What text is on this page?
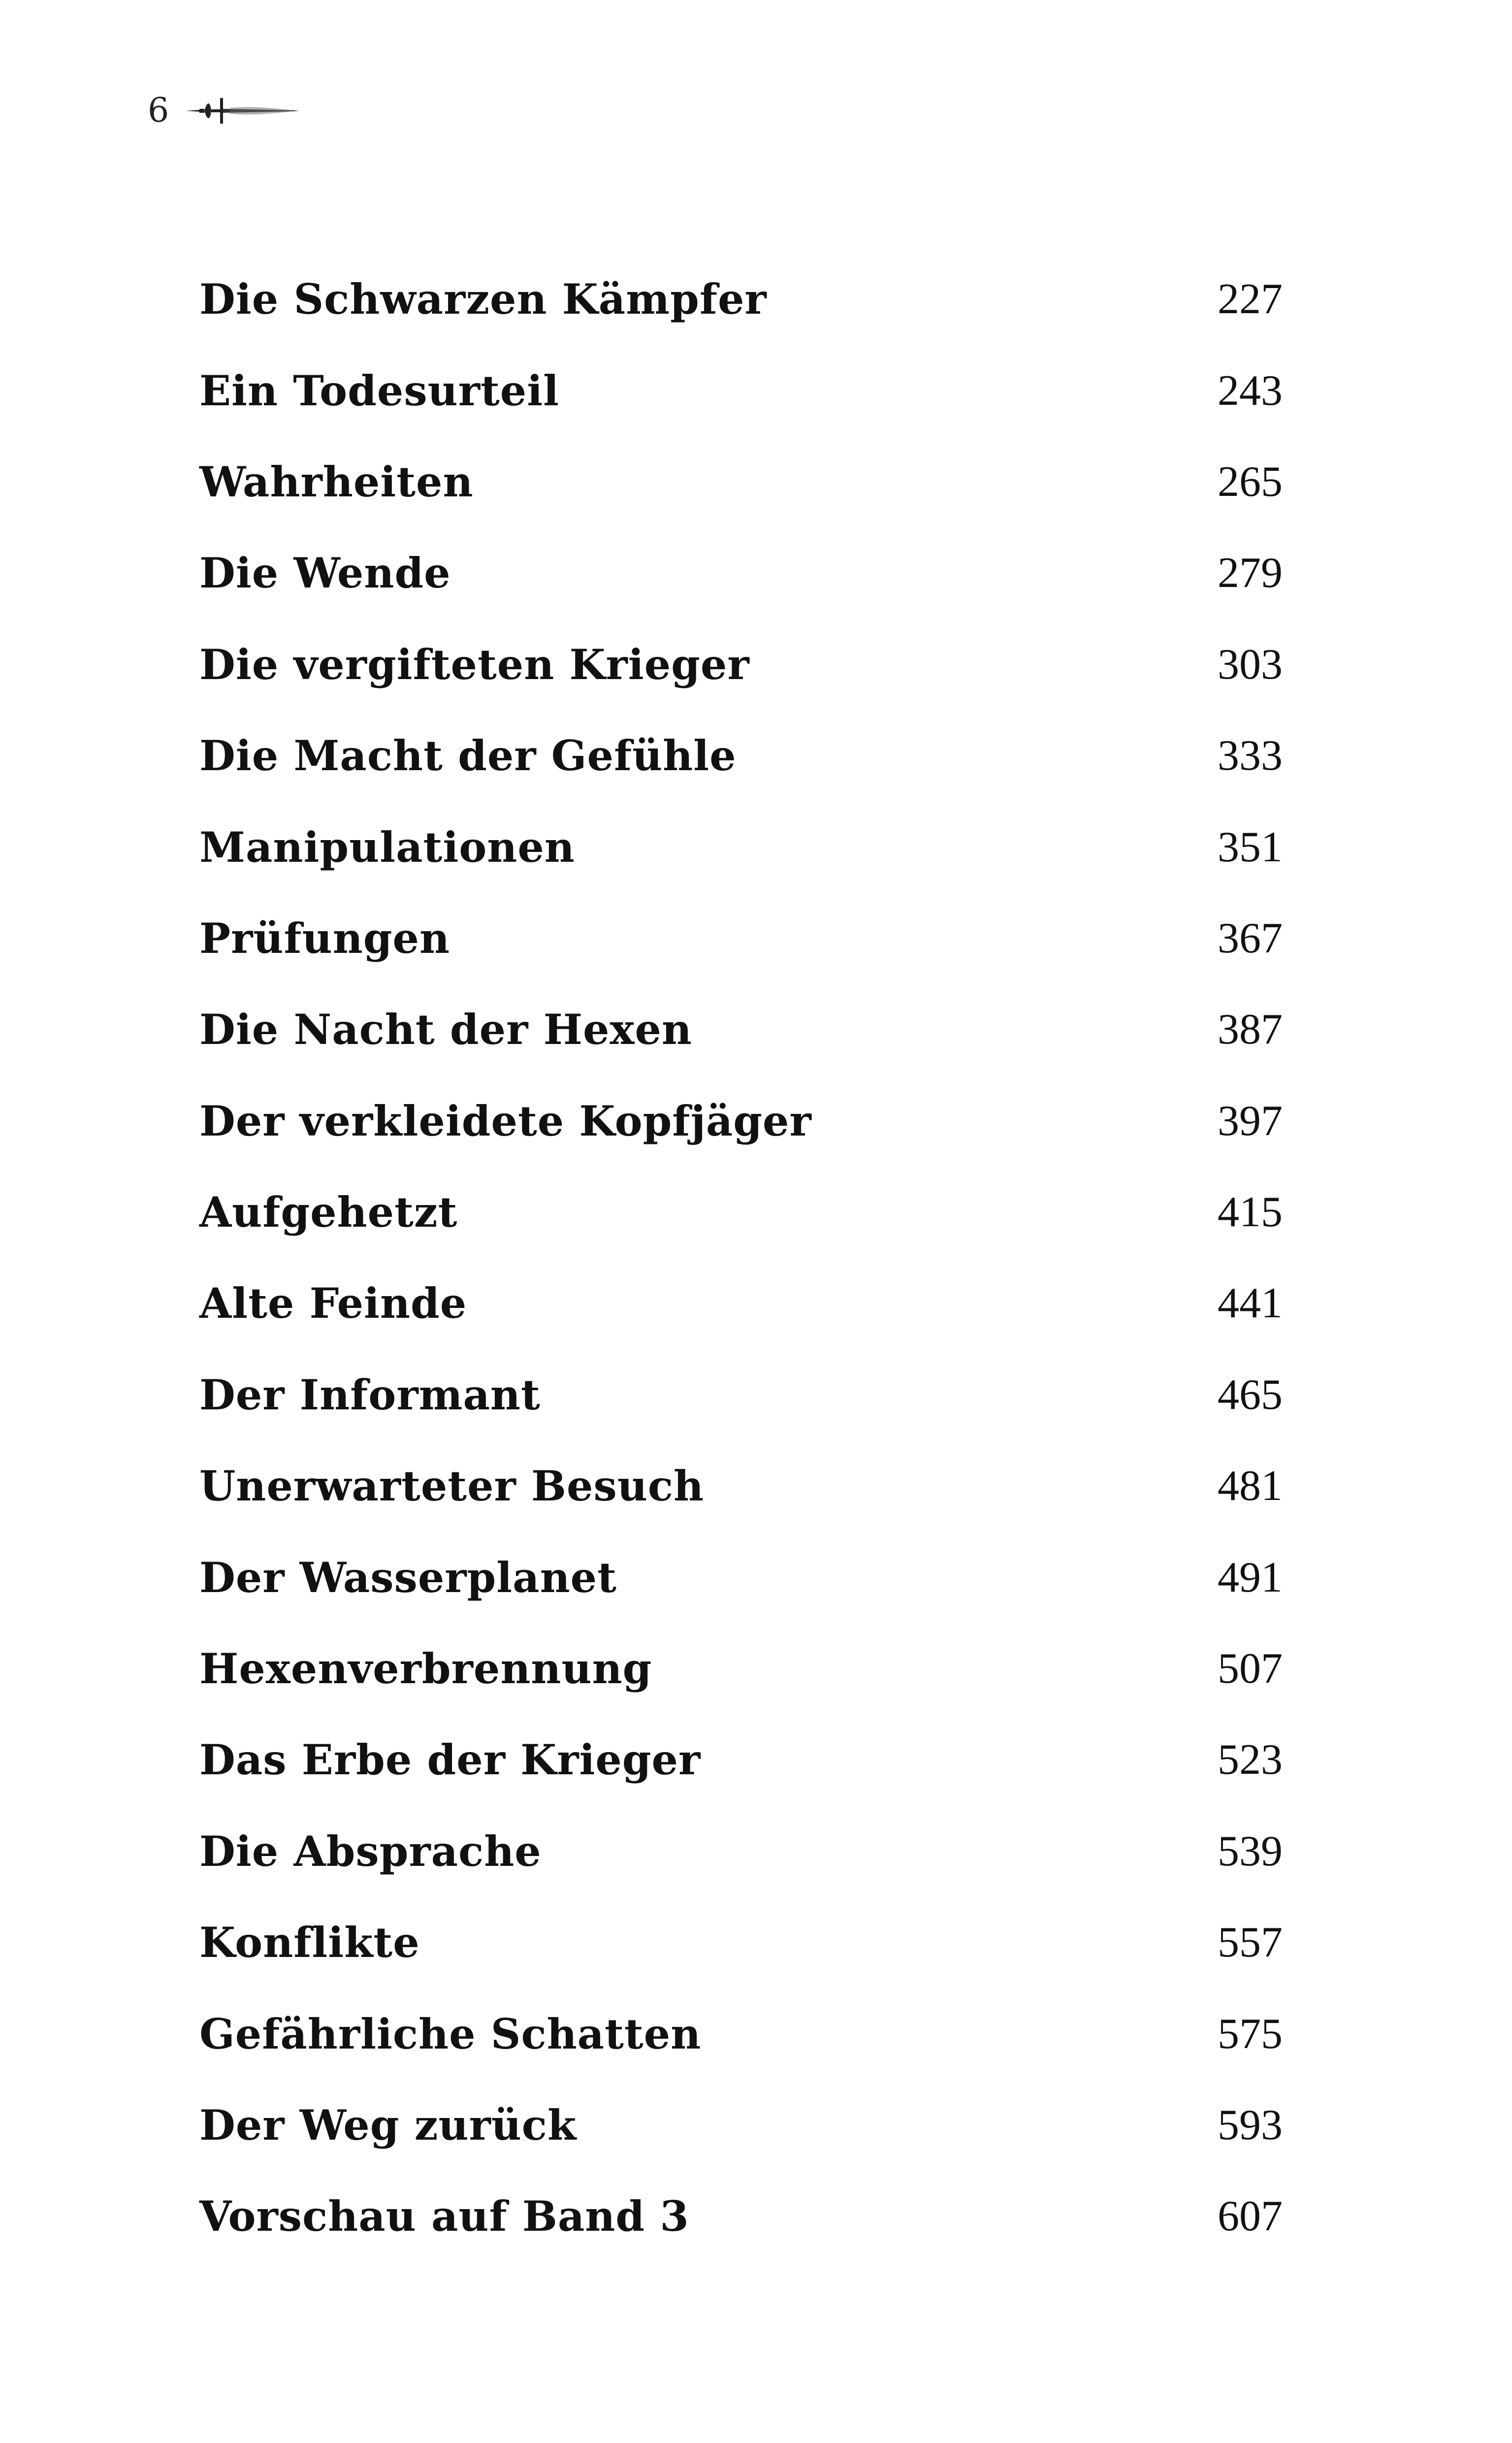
6
Die Schwarzen Kämpfer	227
Ein Todesurteil	243
Wahrheiten	265
Die Wende	279
Die vergifteten Krieger	303
Die Macht der Gefühle	333
Manipulationen	351
Prüfungen	367
Die Nacht der Hexen	387
Der verkleidete Kopfjäger	397
Aufgehetzt	415
Alte Feinde	441
Der Informant	465
Unerwarteter Besuch	481
Der Wasserplanet	491
Hexenverbrennung	507
Das Erbe der Krieger	523
Die Absprache	539
Konflikte	557
Gefährliche Schatten	575
Der Weg zurück	593
Vorschau auf Band 3	607
